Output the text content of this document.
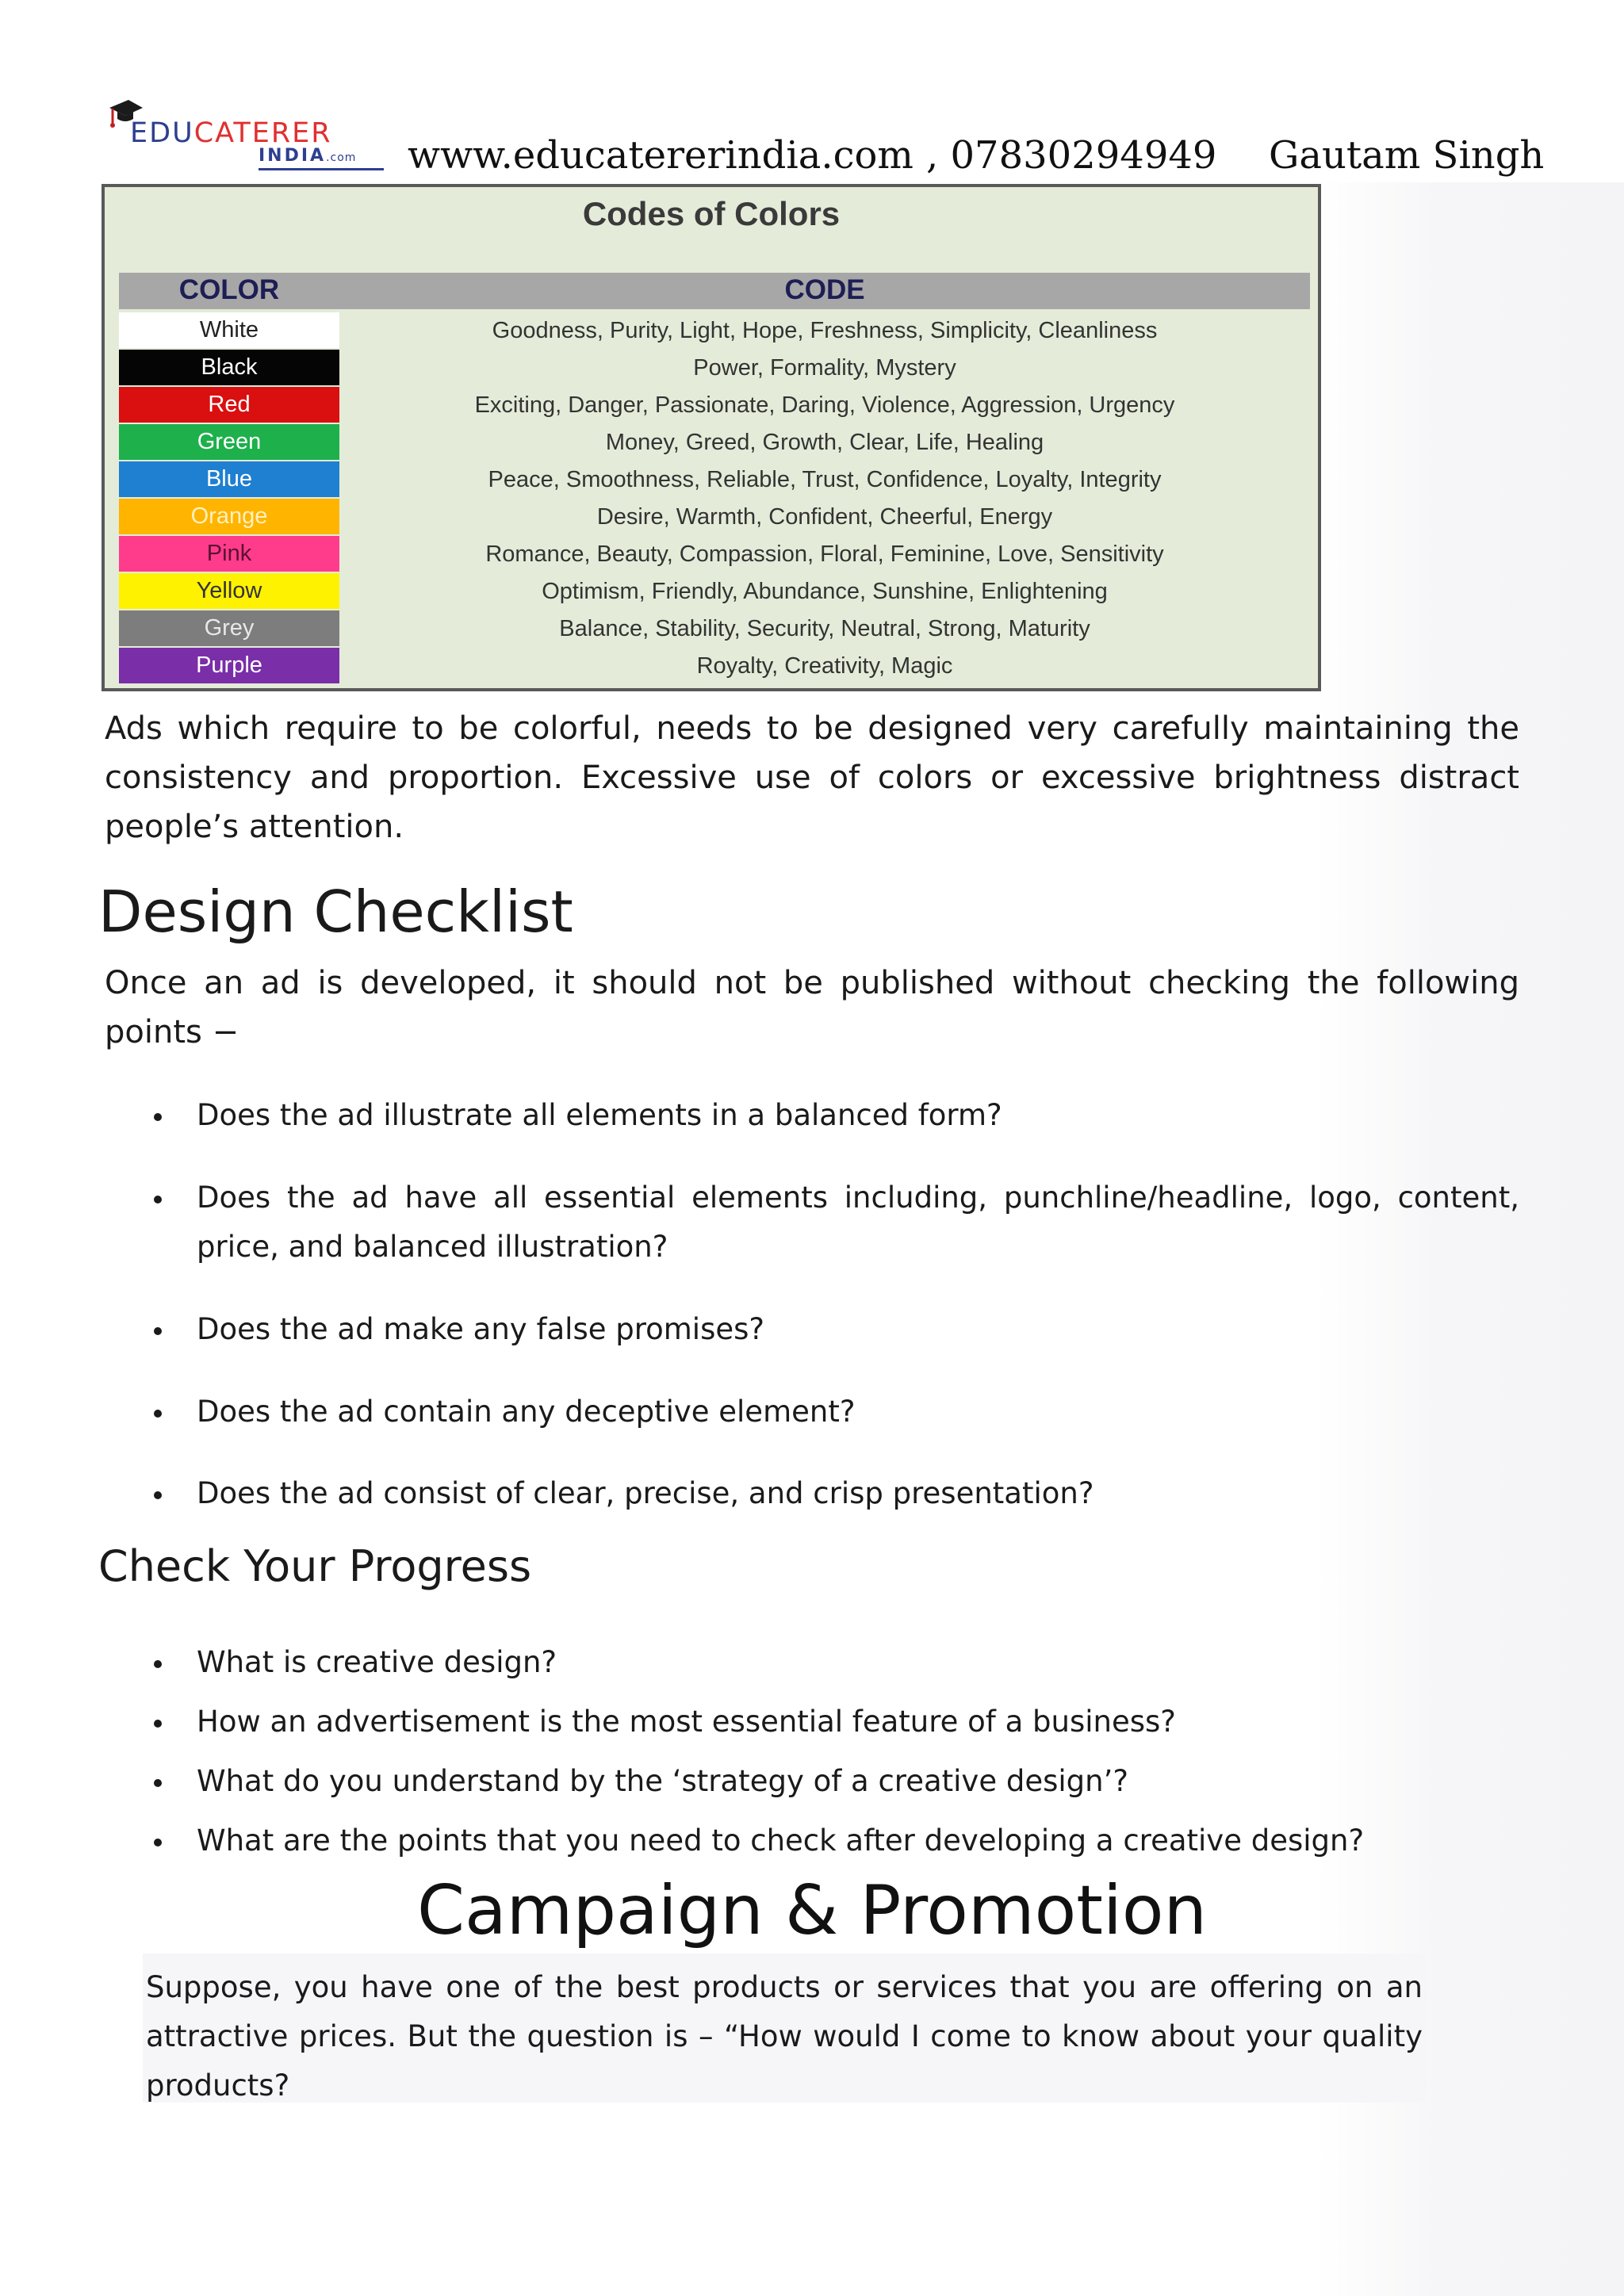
EDUCATERER
INDIA.com www.educatererindia.com , 07830294949 Gautam Singh
Codes of Colors
COLOR	CODE
White	Goodness, Purity, Light, Hope, Freshness, Simplicity, Cleanliness
Black	Power, Formality, Mystery
Red	Exciting, Danger, Passionate, Daring, Violence, Aggression, Urgency
Green	Money, Greed, Growth, Clear, Life, Healing
Blue	Peace, Smoothness, Reliable, Trust, Confidence, Loyalty, Integrity
Orange	Desire, Warmth, Confident, Cheerful, Energy
Pink	Romance, Beauty, Compassion, Floral, Feminine, Love, Sensitivity
Yellow	Optimism, Friendly, Abundance, Sunshine, Enlightening
Grey	Balance, Stability, Security, Neutral, Strong, Maturity
Purple	Royalty, Creativity, Magic
Ads which require to be colorful, needs to be designed very carefully maintaining the consistency and proportion. Excessive use of colors or excessive brightness distract people’s attention.
Design Checklist
Once an ad is developed, it should not be published without checking the following points −
Does the ad illustrate all elements in a balanced form?
Does the ad have all essential elements including, punchline/headline, logo, content, price, and balanced illustration?
Does the ad make any false promises?
Does the ad contain any deceptive element?
Does the ad consist of clear, precise, and crisp presentation?
Check Your Progress
What is creative design?
How an advertisement is the most essential feature of a business?
What do you understand by the ‘strategy of a creative design’?
What are the points that you need to check after developing a creative design?
Campaign & Promotion
Suppose, you have one of the best products or services that you are offering on an attractive prices. But the question is – “How would I come to know about your quality products?
